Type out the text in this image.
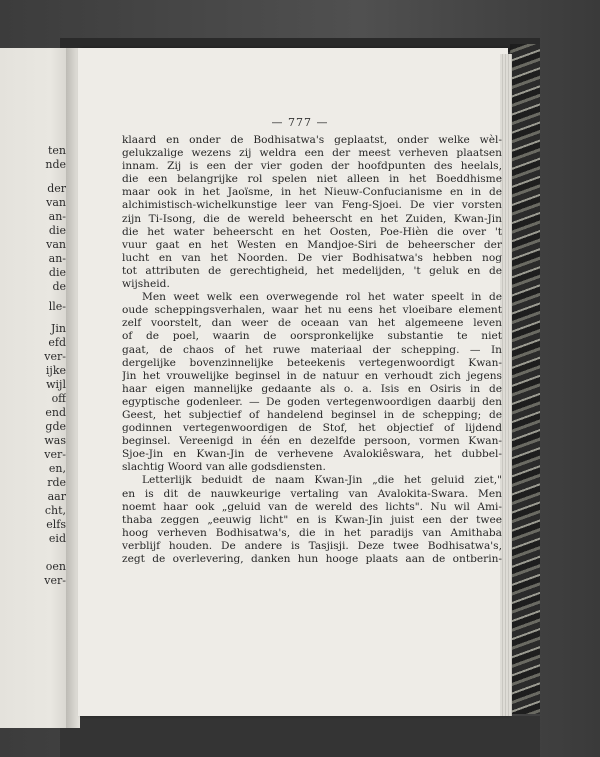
ten
nde
der
van
an-
die
van
an-
die
de
lle-
Jin
efd
ver-
ijke
wijl
off
end
gde
was
ver-
en,
rde
aar
cht,
elfs
eid
oen
ver-
— 777 —
klaard en onder de Bodhisatwa's geplaatst, onder welke wèl-
gelukzalige wezens zij weldra een der meest verheven plaatsen
innam. Zij is een der vier goden der hoofdpunten des heelals,
die een belangrijke rol spelen niet alleen in het Boeddhisme
maar ook in het Jaoïsme, in het Nieuw-Confucianisme en in de
alchimistisch-wichelkunstige leer van Feng-Sjoei. De vier vorsten
zijn Ti-Isong, die de wereld beheerscht en het Zuiden, Kwan-Jin
die het water beheerscht en het Oosten, Poe-Hièn die over 't
vuur gaat en het Westen en Mandjoe-Siri de beheerscher der
lucht en van het Noorden. De vier Bodhisatwa's hebben nog
tot attributen de gerechtigheid, het medelijden, 't geluk en de
wijsheid.
Men weet welk een overwegende rol het water speelt in de
oude scheppingsverhalen, waar het nu eens het vloeibare element
zelf voorstelt, dan weer de oceaan van het algemeene leven
of de poel, waarin de oorspronkelijke substantie te niet
gaat, de chaos of het ruwe materiaal der schepping. — In
dergelijke bovenzinnelijke beteekenis vertegenwoordigt Kwan-
Jin het vrouwelijke beginsel in de natuur en verhoudt zich jegens
haar eigen mannelijke gedaante als o. a. Isis en Osiris in de
egyptische godenleer. — De goden vertegenwoordigen daarbij den
Geest, het subjectief of handelend beginsel in de schepping; de
godinnen vertegenwoordigen de Stof, het objectief of lijdend
beginsel. Vereenigd in één en dezelfde persoon, vormen Kwan-
Sjoe-Jin en Kwan-Jin de verhevene Avalokiêswara, het dubbel-
slachtig Woord van alle godsdiensten.
Letterlijk beduidt de naam Kwan-Jin „die het geluid ziet,"
en is dit de nauwkeurige vertaling van Avalokita-Swara. Men
noemt haar ook „geluid van de wereld des lichts". Nu wil Ami-
thaba zeggen „eeuwig licht" en is Kwan-Jin juist een der twee
hoog verheven Bodhisatwa's, die in het paradijs van Amithaba
verblijf houden. De andere is Tasjisji. Deze twee Bodhisatwa's,
zegt de overlevering, danken hun hooge plaats aan de ontberin-
